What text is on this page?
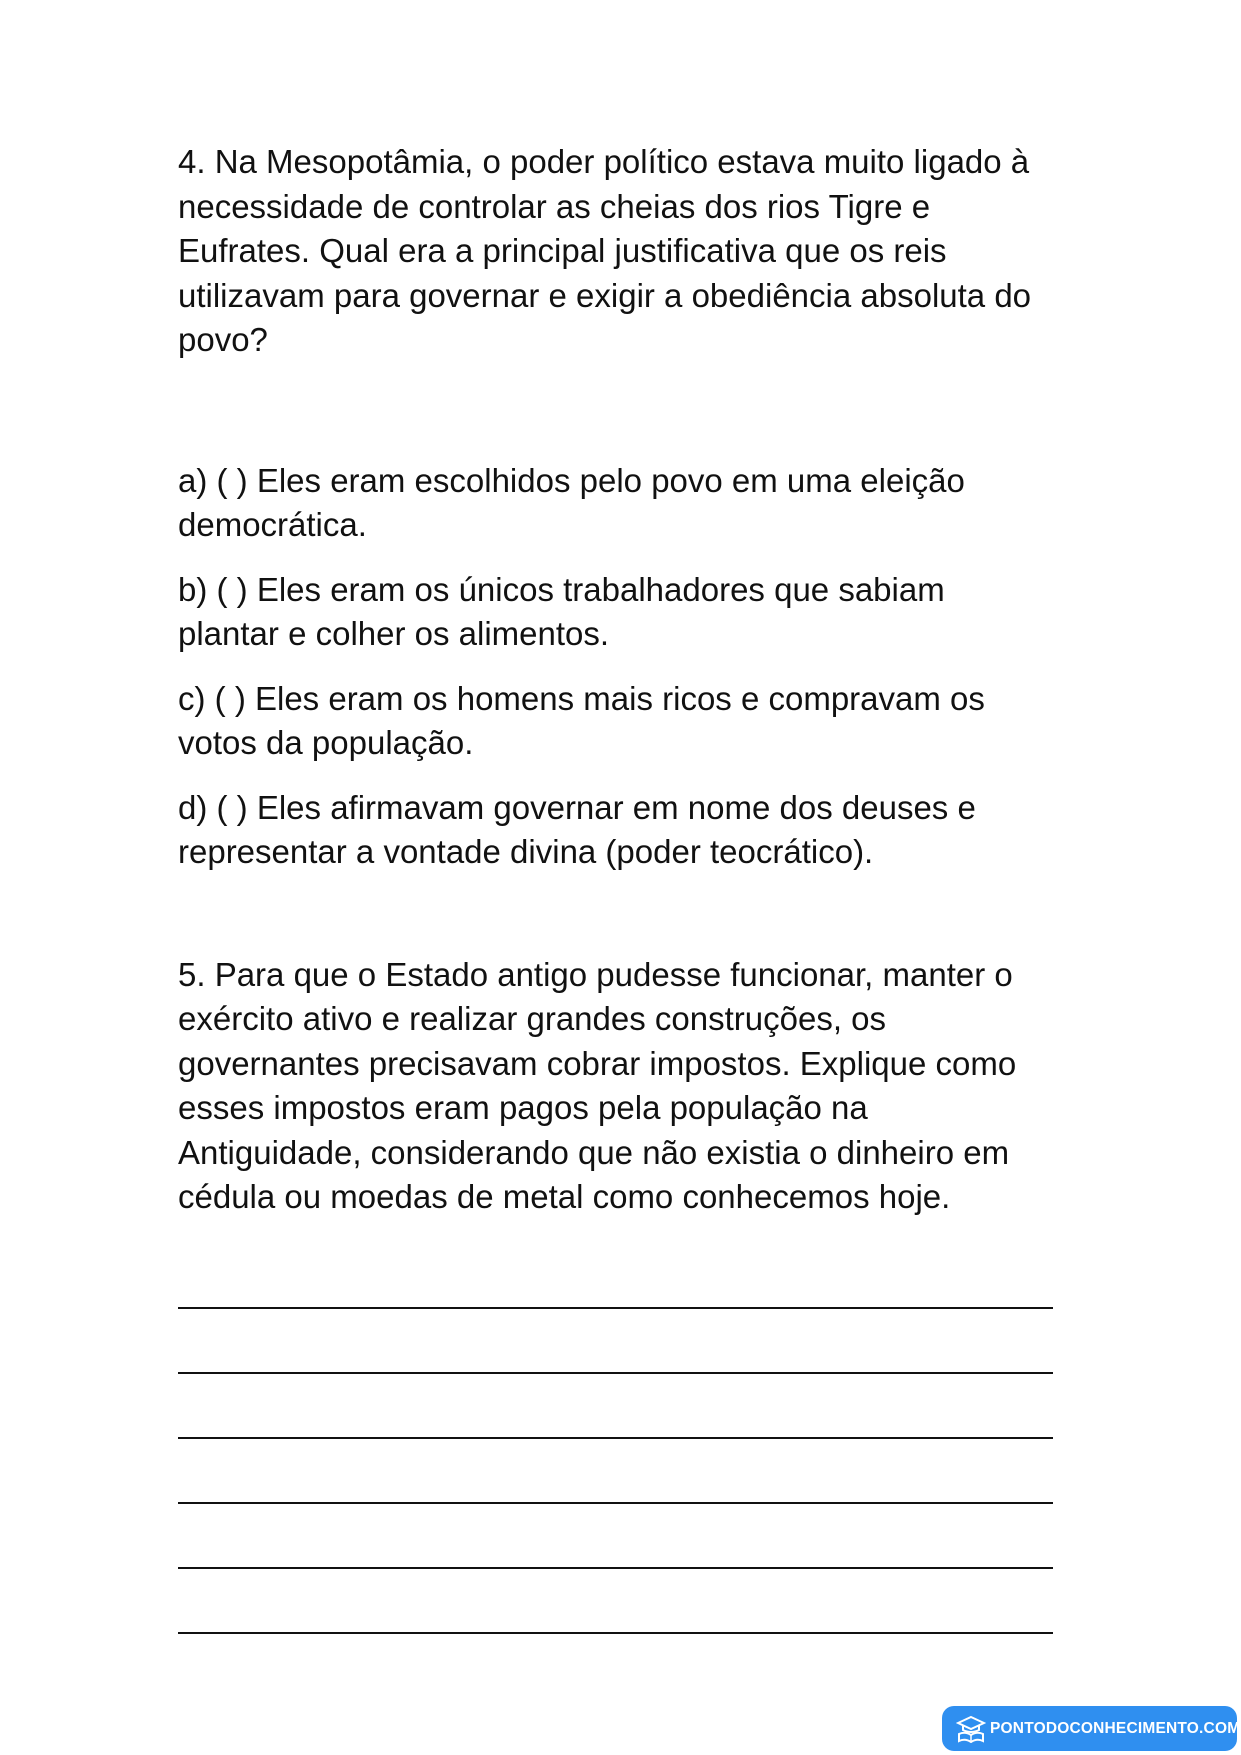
4. Na Mesopotâmia, o poder político estava muito ligado à
necessidade de controlar as cheias dos rios Tigre e
Eufrates. Qual era a principal justificativa que os reis
utilizavam para governar e exigir a obediência absoluta do
povo?

a) ( ) Eles eram escolhidos pelo povo em uma eleição
democrática.

b) ( ) Eles eram os únicos trabalhadores que sabiam
plantar e colher os alimentos.

c) ( ) Eles eram os homens mais ricos e compravam os
votos da população.

d) ( ) Eles afirmavam governar em nome dos deuses e
representar a vontade divina (poder teocrático).

5. Para que o Estado antigo pudesse funcionar, manter o
exército ativo e realizar grandes construções, os
governantes precisavam cobrar impostos. Explique como
esses impostos eram pagos pela população na
Antiguidade, considerando que não existia o dinheiro em
cédula ou moedas de metal como conhecemos hoje.

PONTODOCONHECIMENTO.COM
